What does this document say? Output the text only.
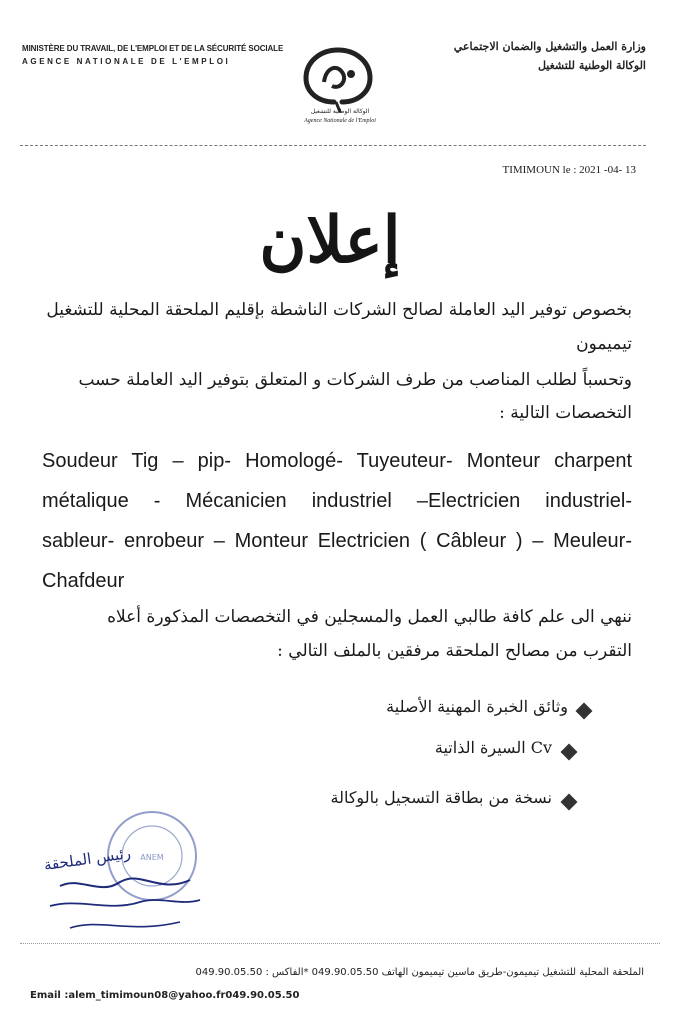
MINISTÈRE DU TRAVAIL, DE L'EMPLOI ET DE LA SÉCURITÉ SOCIALE
AGENCE NATIONALE DE L'EMPLOI
وزارة العمل والتشغيل والضمان الاجتماعي
الوكالة الوطنية للتشغيل
الوكالة الوطنية للتشغيل
Agence Nationale de l'Emploi
TIMIMOUN le : 2021 -04- 13
إعلان
بخصوص توفير اليد العاملة لصالح الشركات الناشطة بإقليم الملحقة المحلية للتشغيل
تيميمون
وتحسباً لطلب المناصب من طرف الشركات و المتعلق بتوفير اليد العاملة حسب
التخصصات التالية :
Soudeur Tig – pip- Homologé- Tuyeuteur- Monteur charpent
métalique - Mécanicien industriel –Electricien industriel-
sableur- enrobeur – Monteur Electricien ( Câbleur ) – Meuleur-
Chafdeur
ننهي الى علم كافة طالبي العمل والمسجلين في التخصصات المذكورة أعلاه
التقرب من مصالح الملحقة مرفقين بالملف التالي :
وثائق الخبرة المهنية الأصلية
Cv السيرة الذاتية
نسخة من بطاقة التسجيل بالوكالة
ANEM
رئيس الملحقة
الملحقة المحلية للتشغيل تيميمون-طريق ماسين تيميمون الهاتف 049.90.05.50 *الفاكس : 049.90.05.50
Email :alem_timimoun08@yahoo.fr049.90.05.50
